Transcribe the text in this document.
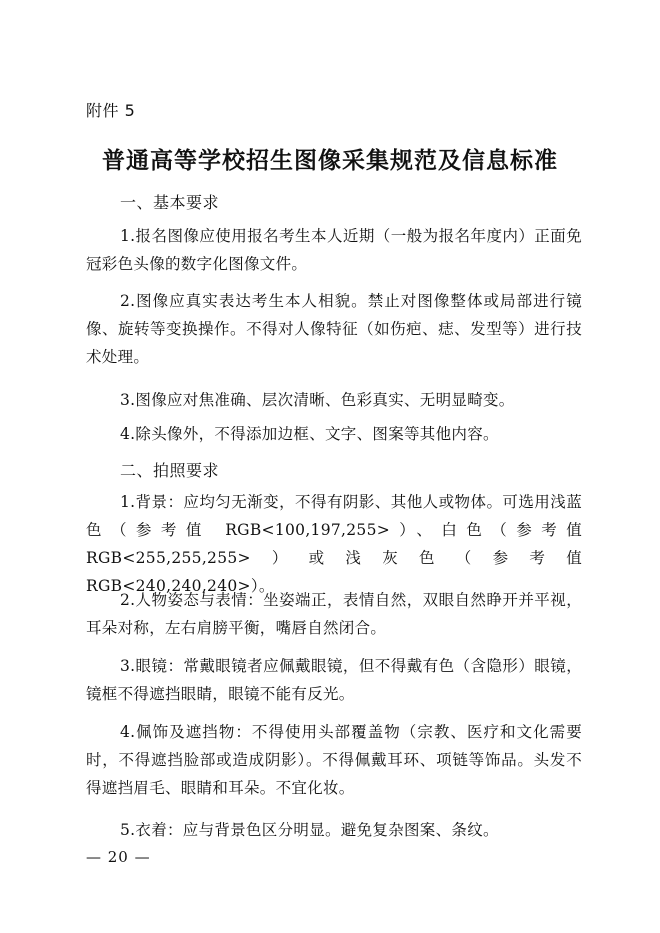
附件 5
普通高等学校招生图像采集规范及信息标准
一、基本要求
1.报名图像应使用报名考生本人近期（一般为报名年度内）正面免冠彩色头像的数字化图像文件。
2.图像应真实表达考生本人相貌。禁止对图像整体或局部进行镜像、旋转等变换操作。不得对人像特征（如伤疤、痣、发型等）进行技术处理。
3.图像应对焦准确、层次清晰、色彩真实、无明显畸变。
4.除头像外，不得添加边框、文字、图案等其他内容。
二、拍照要求
1.背景：应均匀无渐变，不得有阴影、其他人或物体。可选用浅蓝色（参考值 RGB<100,197,255>）、白色（参考值 RGB<255,255,255>）或浅灰色（参考值 RGB<240,240,240>）。
2.人物姿态与表情：坐姿端正，表情自然，双眼自然睁开并平视，耳朵对称，左右肩膀平衡，嘴唇自然闭合。
3.眼镜：常戴眼镜者应佩戴眼镜，但不得戴有色（含隐形）眼镜，镜框不得遮挡眼睛，眼镜不能有反光。
4.佩饰及遮挡物：不得使用头部覆盖物（宗教、医疗和文化需要时，不得遮挡脸部或造成阴影）。不得佩戴耳环、项链等饰品。头发不得遮挡眉毛、眼睛和耳朵。不宜化妆。
5.衣着：应与背景色区分明显。避免复杂图案、条纹。
— 20 —
